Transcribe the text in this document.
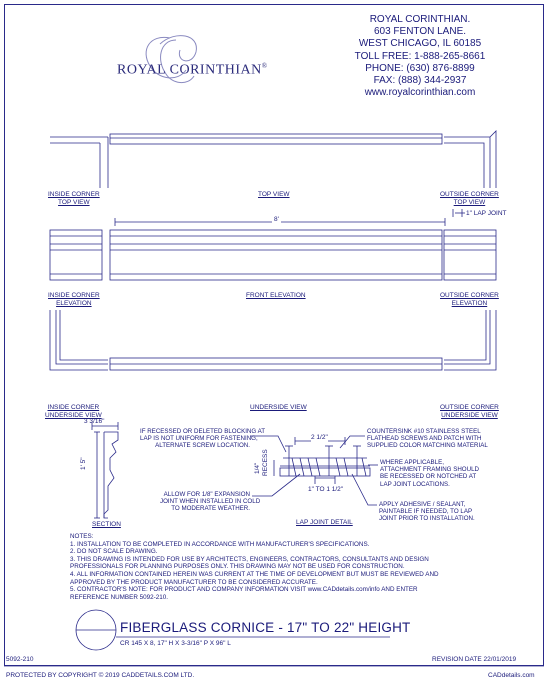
ROYAL CORINTHIAN.
603 FENTON LANE.
WEST CHICAGO, IL 60185
TOLL FREE: 1-888-265-8661
PHONE: (630) 876-8899
FAX: (888) 344-2937
www.royalcorinthian.com
ROYAL CORINTHIAN®
INSIDE CORNER
TOP VIEW
TOP VIEW	OUTSIDE CORNER
TOP VIEW
1" LAP JOINT
8'
INSIDE CORNER
ELEVATION
FRONT ELEVATION	OUTSIDE CORNER
ELEVATION
INSIDE CORNER
UNDERSIDE VIEW
UNDERSIDE VIEW	OUTSIDE CORNER
UNDERSIDE VIEW
3 3/16"
1' 5"
SECTION
2 1/2"
1" TO 1 1/2"
RECESS
1/4"
LAP JOINT DETAIL
IF RECESSED OR DELETED BLOCKING AT
LAP IS NOT UNIFORM FOR FASTENING,
ALTERNATE SCREW LOCATION.
ALLOW FOR 1/8" EXPANSION
JOINT WHEN INSTALLED IN COLD
TO MODERATE WEATHER.
COUNTERSINK #10 STAINLESS STEEL
FLATHEAD SCREWS AND PATCH WITH
SUPPLIED COLOR MATCHING MATERIAL
WHERE APPLICABLE,
ATTACHMENT FRAMING SHOULD
BE RECESSED OR NOTCHED AT
LAP JOINT LOCATIONS.
APPLY ADHESIVE / SEALANT,
PAINTABLE IF NEEDED, TO LAP
JOINT PRIOR TO INSTALLATION.
NOTES:
1. INSTALLATION TO BE COMPLETED IN ACCORDANCE WITH MANUFACTURER'S SPECIFICATIONS.
2. DO NOT SCALE DRAWING.
3. THIS DRAWING IS INTENDED FOR USE BY ARCHITECTS, ENGINEERS, CONTRACTORS, CONSULTANTS AND DESIGN
PROFESSIONALS FOR PLANNING PURPOSES ONLY. THIS DRAWING MAY NOT BE USED FOR CONSTRUCTION.
4. ALL INFORMATION CONTAINED HEREIN WAS CURRENT AT THE TIME OF DEVELOPMENT BUT MUST BE REVIEWED AND
APPROVED BY THE PRODUCT MANUFACTURER TO BE CONSIDERED ACCURATE.
5. CONTRACTOR'S NOTE: FOR PRODUCT AND COMPANY INFORMATION VISIT www.CADdetails.com/info AND ENTER
REFERENCE NUMBER 5092-210.
FIBERGLASS CORNICE - 17" TO 22" HEIGHT
CR 145 X 8, 17" H X 3-3/16" P X 96" L
5092-210	REVISION DATE 22/01/2019
PROTECTED BY COPYRIGHT © 2019 CADDETAILS.COM LTD.	CADdetails.com
